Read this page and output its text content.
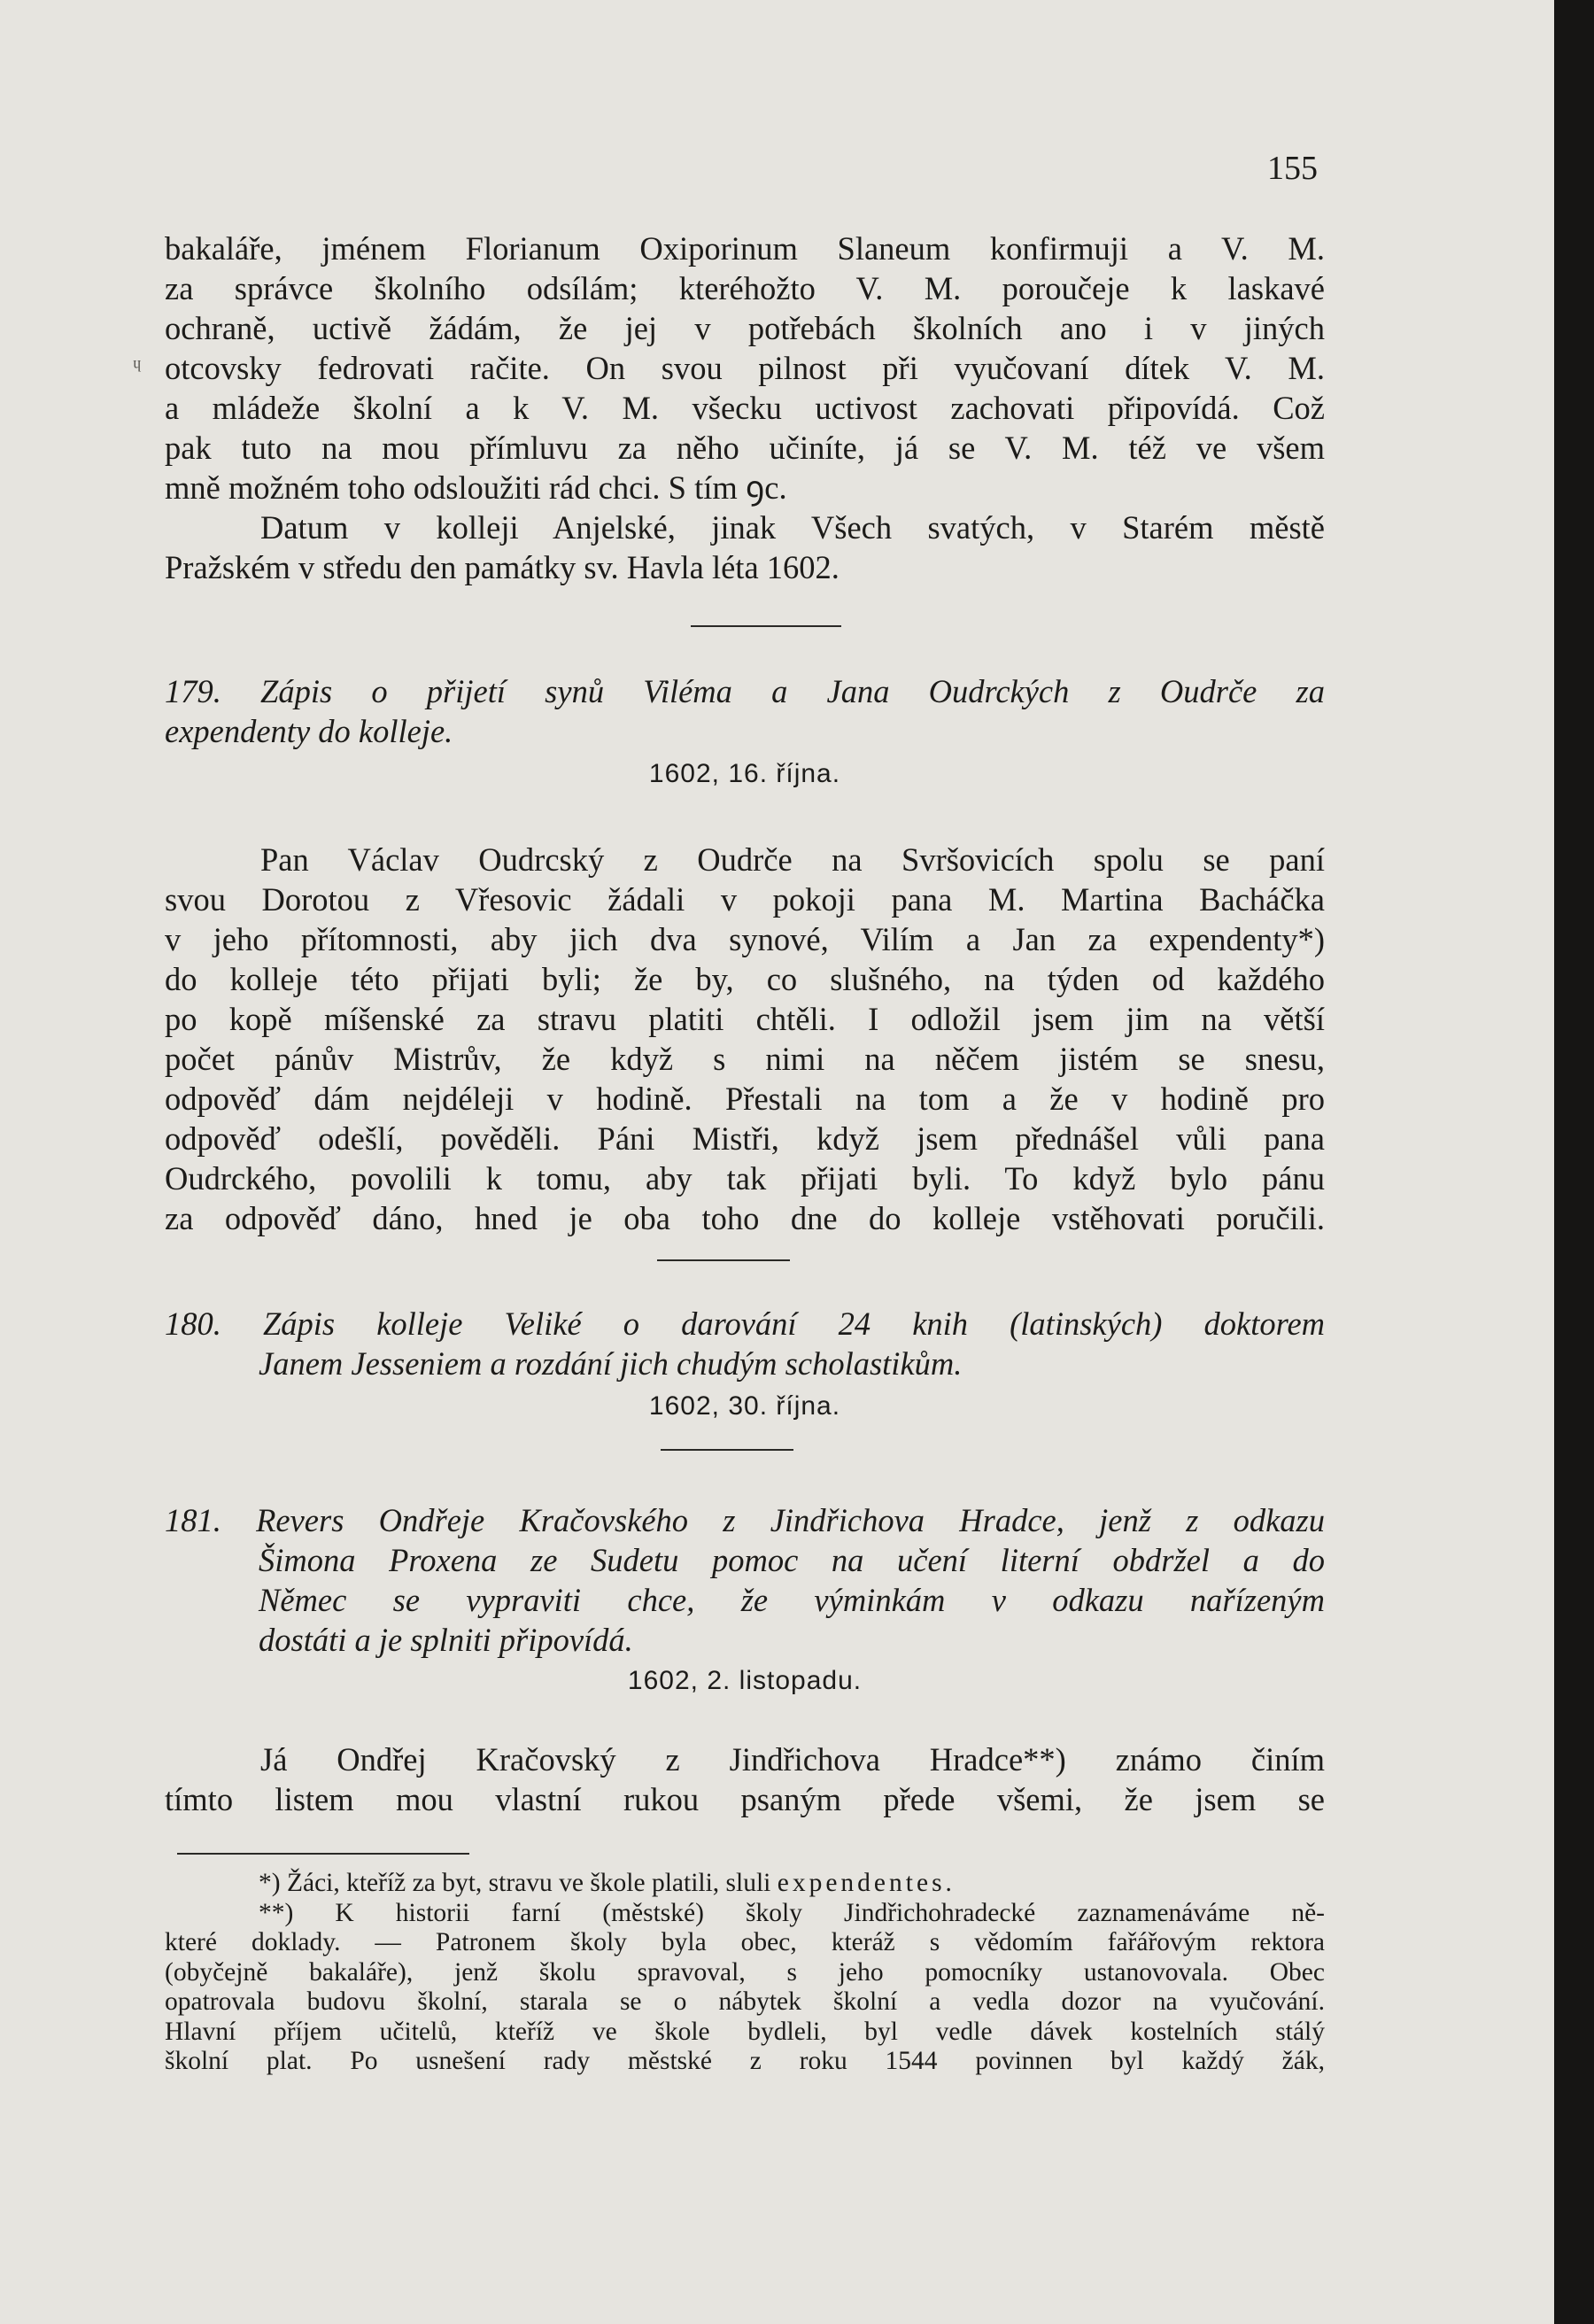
155
ᶣ

bakaláře, jménem Florianum Oxiporinum Slaneum konfirmuji a V. M.

za správce školního odsílám; kteréhožto V. M. poroučeje k laskavé

ochraně, uctivě žádám, že jej v potřebách školních ano i v jiných

otcovsky fedrovati račite. On svou pilnost při vyučovaní dítek V. M.

a mládeže školní a k V. M. všecku uctivost zachovati připovídá. Což

pak tuto na mou přímluvu za něho učiníte, já se V. M. též ve všem

mně možném toho odsloužiti rád chci. S tím ꝯc.

Datum v kolleji Anjelské, jinak Všech svatých, v Starém městě

Pražském v středu den památky sv. Havla léta 1602.

179. Zápis o přijetí synů Viléma a Jana Oudrckých z Oudrče za

expendenty do kolleje.

1602, 16. října.

Pan Václav Oudrcský z Oudrče na Svršovicích spolu se paní

svou Dorotou z Vřesovic žádali v pokoji pana M. Martina Bacháčka

v jeho přítomnosti, aby jich dva synové, Vilím a Jan za expendenty*)

do kolleje této přijati byli; že by, co slušného, na týden od každého

po kopě míšenské za stravu platiti chtěli. I odložil jsem jim na větší

počet pánův Mistrův, že když s nimi na něčem jistém se snesu,

odpověď dám nejdéleji v hodině. Přestali na tom a že v hodině pro

odpověď odešlí, pověděli. Páni Mistři, když jsem přednášel vůli pana

Oudrckého, povolili k tomu, aby tak přijati byli. To když bylo pánu

za odpověď dáno, hned je oba toho dne do kolleje vstěhovati poručili.

180. Zápis kolleje Veliké o darování 24 knih (latinských) doktorem

Janem Jesseniem a rozdání jich chudým scholastikům.

1602, 30. října.

181. Revers Ondřeje Kračovského z Jindřichova Hradce, jenž z odkazu

Šimona Proxena ze Sudetu pomoc na učení literní obdržel a do

Němec se vypraviti chce, že výminkám v odkazu nařízeným

dostáti a je splniti připovídá.

1602, 2. listopadu.

Já Ondřej Kračovský z Jindřichova Hradce**) známo činím

tímto listem mou vlastní rukou psaným přede všemi, že jsem se

*) Žáci, kteříž za byt, stravu ve škole platili, sluli expendentes.

**) K historii farní (městské) školy Jindřichohradecké zaznamenáváme ně-

které doklady. — Patronem školy byla obec, kteráž s vědomím fařářovým rektora

(obyčejně bakaláře), jenž školu spravoval, s jeho pomocníky ustanovovala. Obec

opatrovala budovu školní, starala se o nábytek školní a vedla dozor na vyučování.

Hlavní příjem učitelů, kteříž ve škole bydleli, byl vedle dávek kostelních stálý

školní plat. Po usnešení rady městské z roku 1544 povinnen byl každý žák,
